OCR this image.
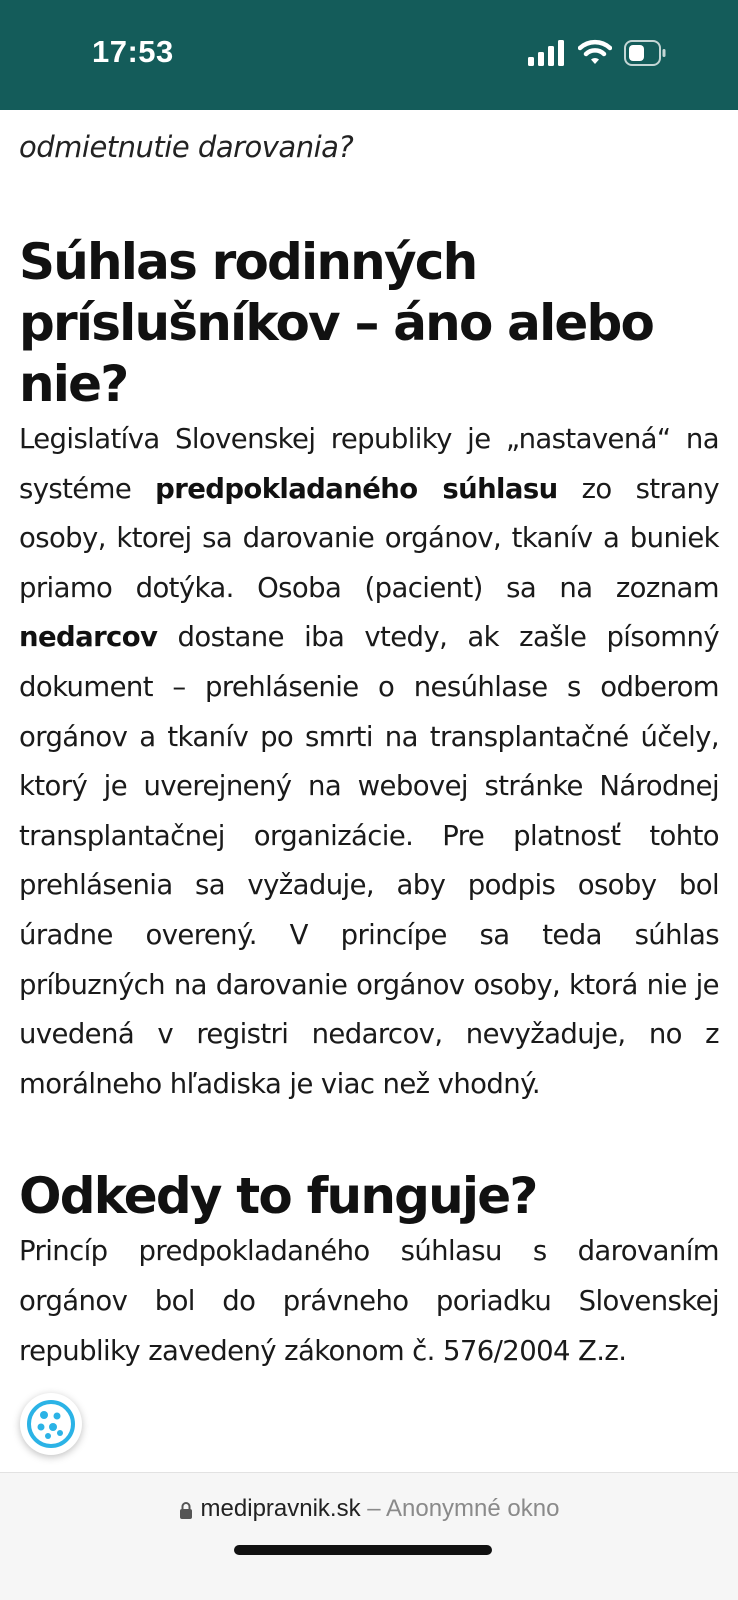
17:53

odmietnutie darovania?

Súhlas rodinných príslušníkov – áno alebo nie?

Legislatíva Slovenskej republiky je „nastavená“ na systéme predpokladaného súhlasu zo strany osoby, ktorej sa darovanie orgánov, tkanív a buniek priamo dotýka. Osoba (pacient) sa na zoznam nedarcov dostane iba vtedy, ak zašle písomný dokument – prehlásenie o nesúhlase s odberom orgánov a tkanív po smrti na transplantačné účely, ktorý je uverejnený na webovej stránke Národnej transplantačnej organizácie. Pre platnosť tohto prehlásenia sa vyžaduje, aby podpis osoby bol úradne overený. V princípe sa teda súhlas príbuzných na darovanie orgánov osoby, ktorá nie je uvedená v registri nedarcov, nevyžaduje, no z morálneho hľadiska je viac než vhodný.

Odkedy to funguje?

Princíp predpokladaného súhlasu s darovaním orgánov bol do právneho poriadku Slovenskej republiky zavedený zákonom č. 576/2004 Z.z.

medipravnik.sk – Anonymné okno
